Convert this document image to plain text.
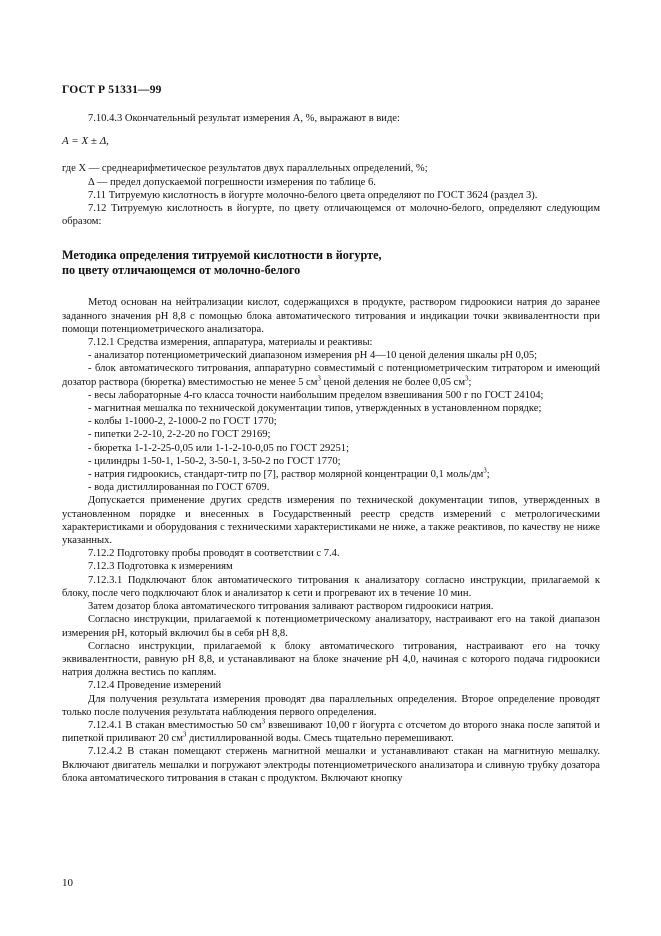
ГОСТ Р 51331—99

7.10.4.3 Окончательный результат измерения A, %, выражают в виде:

A = X ± Δ,

где X — среднеарифметическое результатов двух параллельных определений, %;

Δ — предел допускаемой погрешности измерения по таблице 6.

7.11 Титруемую кислотность в йогурте молочно-белого цвета определяют по ГОСТ 3624 (раздел 3).

7.12 Титруемую кислотность в йогурте, по цвету отличающемся от молочно-белого, определяют следующим образом:

Методика определения титруемой кислотности в йогурте,
по цвету отличающемся от молочно-белого

Метод основан на нейтрализации кислот, содержащихся в продукте, раствором гидроокиси натрия до заранее заданного значения pH 8,8 с помощью блока автоматического титрования и индикации точки эквивалентности при помощи потенциометрического анализатора.

7.12.1 Средства измерения, аппаратура, материалы и реактивы:

- анализатор потенциометрический диапазоном измерения pH 4—10 ценой деления шкалы pH 0,05;

- блок автоматического титрования, аппаратурно совместимый с потенциометрическим титратором и имеющий дозатор раствора (бюретка) вместимостью не менее 5 $см^3$ ценой деления не более 0,05 $см^3$;

- весы лабораторные 4-го класса точности наибольшим пределом взвешивания 500 г по ГОСТ 24104;

- магнитная мешалка по технической документации типов, утвержденных в установленном порядке;

- колбы 1-1000-2, 2-1000-2 по ГОСТ 1770;

- пипетки 2-2-10, 2-2-20 по ГОСТ 29169;

- бюретка 1-1-2-25-0,05 или 1-1-2-10-0,05 по ГОСТ 29251;

- цилиндры 1-50-1, 1-50-2, 3-50-1, 3-50-2 по ГОСТ 1770;

- натрия гидроокись, стандарт-титр по [7], раствор молярной концентрации 0,1 моль/$дм^3$;

- вода дистиллированная по ГОСТ 6709.

Допускается применение других средств измерения по технической документации типов, утвержденных в установленном порядке и внесенных в Государственный реестр средств измерений с метрологическими характеристиками и оборудования с техническими характеристиками не ниже, а также реактивов, по качеству не ниже указанных.

7.12.2 Подготовку пробы проводят в соответствии с 7.4.

7.12.3 Подготовка к измерениям

7.12.3.1 Подключают блок автоматического титрования к анализатору согласно инструкции, прилагаемой к блоку, после чего подключают блок и анализатор к сети и прогревают их в течение 10 мин.

Затем дозатор блока автоматического титрования заливают раствором гидроокиси натрия.

Согласно инструкции, прилагаемой к потенциометрическому анализатору, настраивают его на такой диапазон измерения pH, который включил бы в себя pH 8,8.

Согласно инструкции, прилагаемой к блоку автоматического титрования, настраивают его на точку эквивалентности, равную pH 8,8, и устанавливают на блоке значение pH 4,0, начиная с которого подача гидроокиси натрия должна вестись по каплям.

7.12.4 Проведение измерений

Для получения результата измерения проводят два параллельных определения. Второе определение проводят только после получения результата наблюдения первого определения.

7.12.4.1 В стакан вместимостью 50 $см^3$ взвешивают 10,00 г йогурта с отсчетом до второго знака после запятой и пипеткой приливают 20 $см^3$ дистиллированной воды. Смесь тщательно перемешивают.

7.12.4.2 В стакан помещают стержень магнитной мешалки и устанавливают стакан на магнитную мешалку. Включают двигатель мешалки и погружают электроды потенциометрического анализатора и сливную трубку дозатора блока автоматического титрования в стакан с продуктом. Включают кнопку

10
